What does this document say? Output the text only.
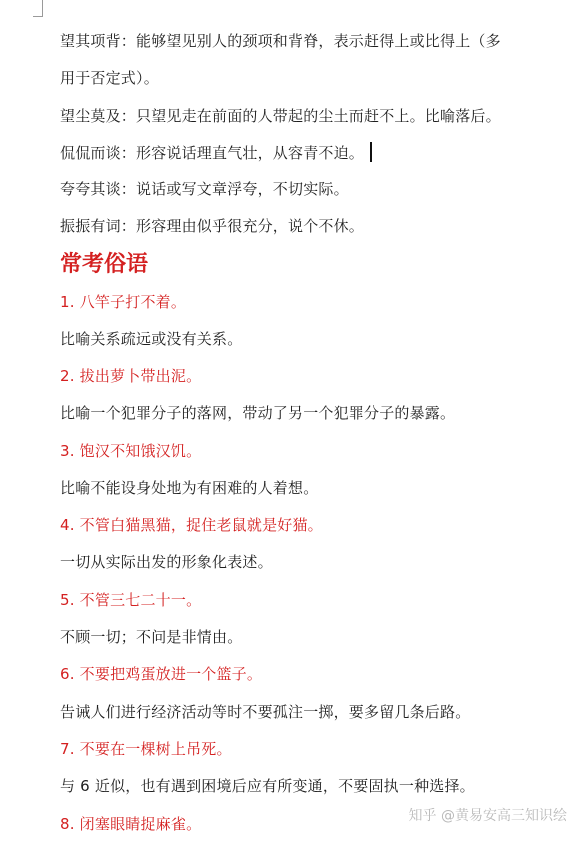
望其项背：能够望见别人的颈项和背脊，表示赶得上或比得上（多
用于否定式）。
望尘莫及：只望见走在前面的人带起的尘土而赶不上。比喻落后。
侃侃而谈：形容说话理直气壮，从容青不迫。
夸夸其谈：说话或写文章浮夸，不切实际。
振振有词：形容理由似乎很充分，说个不休。
常考俗语
1. 八竿子打不着。
比喻关系疏远或没有关系。
2. 拔出萝卜带出泥。
比喻一个犯罪分子的落网，带动了另一个犯罪分子的暴露。
3. 饱汉不知饿汉饥。
比喻不能设身处地为有困难的人着想。
4. 不管白猫黑猫，捉住老鼠就是好猫。
一切从实际出发的形象化表述。
5. 不管三七二十一。
不顾一切；不问是非情由。
6. 不要把鸡蛋放进一个篮子。
告诫人们进行经济活动等时不要孤注一掷，要多留几条后路。
7. 不要在一棵树上吊死。
与 6 近似，也有遇到困境后应有所变通，不要固执一种选择。
8. 闭塞眼睛捉麻雀。	知乎 @黄易安高三知识绘
